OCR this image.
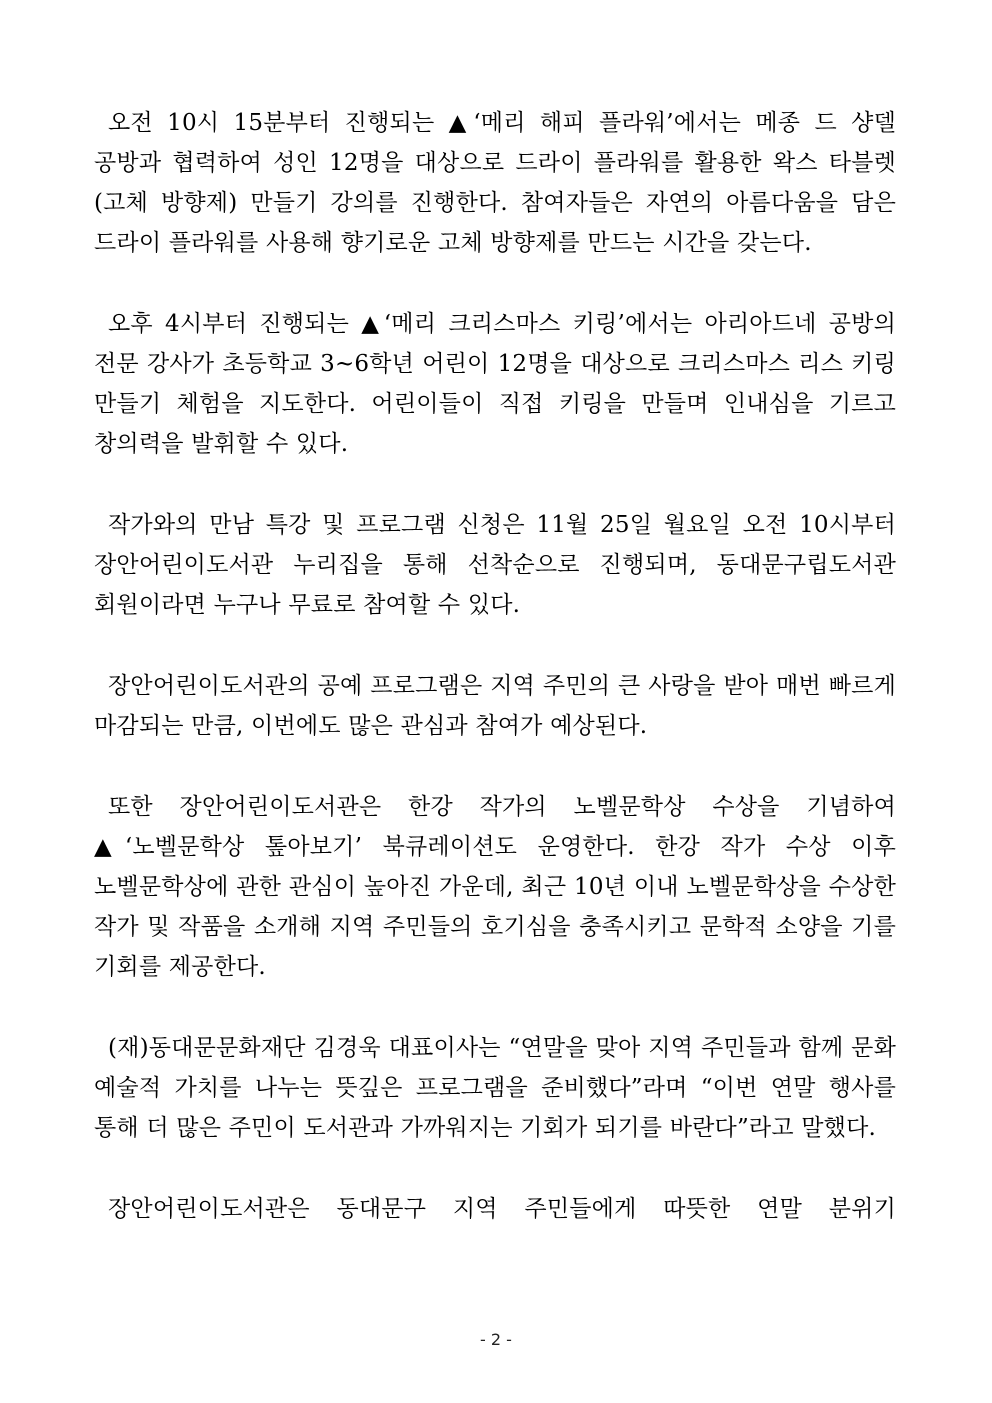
오전 10시 15분부터 진행되는 ▲‘메리 해피 플라워’에서는 메종 드 샹델 공방과 협력하여 성인 12명을 대상으로 드라이 플라워를 활용한 왁스 타블렛(고체 방향제) 만들기 강의를 진행한다. 참여자들은 자연의 아름다움을 담은 드라이 플라워를 사용해 향기로운 고체 방향제를 만드는 시간을 갖는다.

오후 4시부터 진행되는 ▲‘메리 크리스마스 키링’에서는 아리아드네 공방의 전문 강사가 초등학교 3~6학년 어린이 12명을 대상으로 크리스마스 리스 키링 만들기 체험을 지도한다. 어린이들이 직접 키링을 만들며 인내심을 기르고 창의력을 발휘할 수 있다.

작가와의 만남 특강 및 프로그램 신청은 11월 25일 월요일 오전 10시부터 장안어린이도서관 누리집을 통해 선착순으로 진행되며, 동대문구립도서관 회원이라면 누구나 무료로 참여할 수 있다.

장안어린이도서관의 공예 프로그램은 지역 주민의 큰 사랑을 받아 매번 빠르게 마감되는 만큼, 이번에도 많은 관심과 참여가 예상된다.

또한 장안어린이도서관은 한강 작가의 노벨문학상 수상을 기념하여 ▲‘노벨문학상 톺아보기’ 북큐레이션도 운영한다. 한강 작가 수상 이후 노벨문학상에 관한 관심이 높아진 가운데, 최근 10년 이내 노벨문학상을 수상한 작가 및 작품을 소개해 지역 주민들의 호기심을 충족시키고 문학적 소양을 기를 기회를 제공한다.

(재)동대문문화재단 김경욱 대표이사는 “연말을 맞아 지역 주민들과 함께 문화 예술적 가치를 나누는 뜻깊은 프로그램을 준비했다”라며 “이번 연말 행사를 통해 더 많은 주민이 도서관과 가까워지는 기회가 되기를 바란다”라고 말했다.

장안어린이도서관은 동대문구 지역 주민들에게 따뜻한 연말 분위기

- 2 -
